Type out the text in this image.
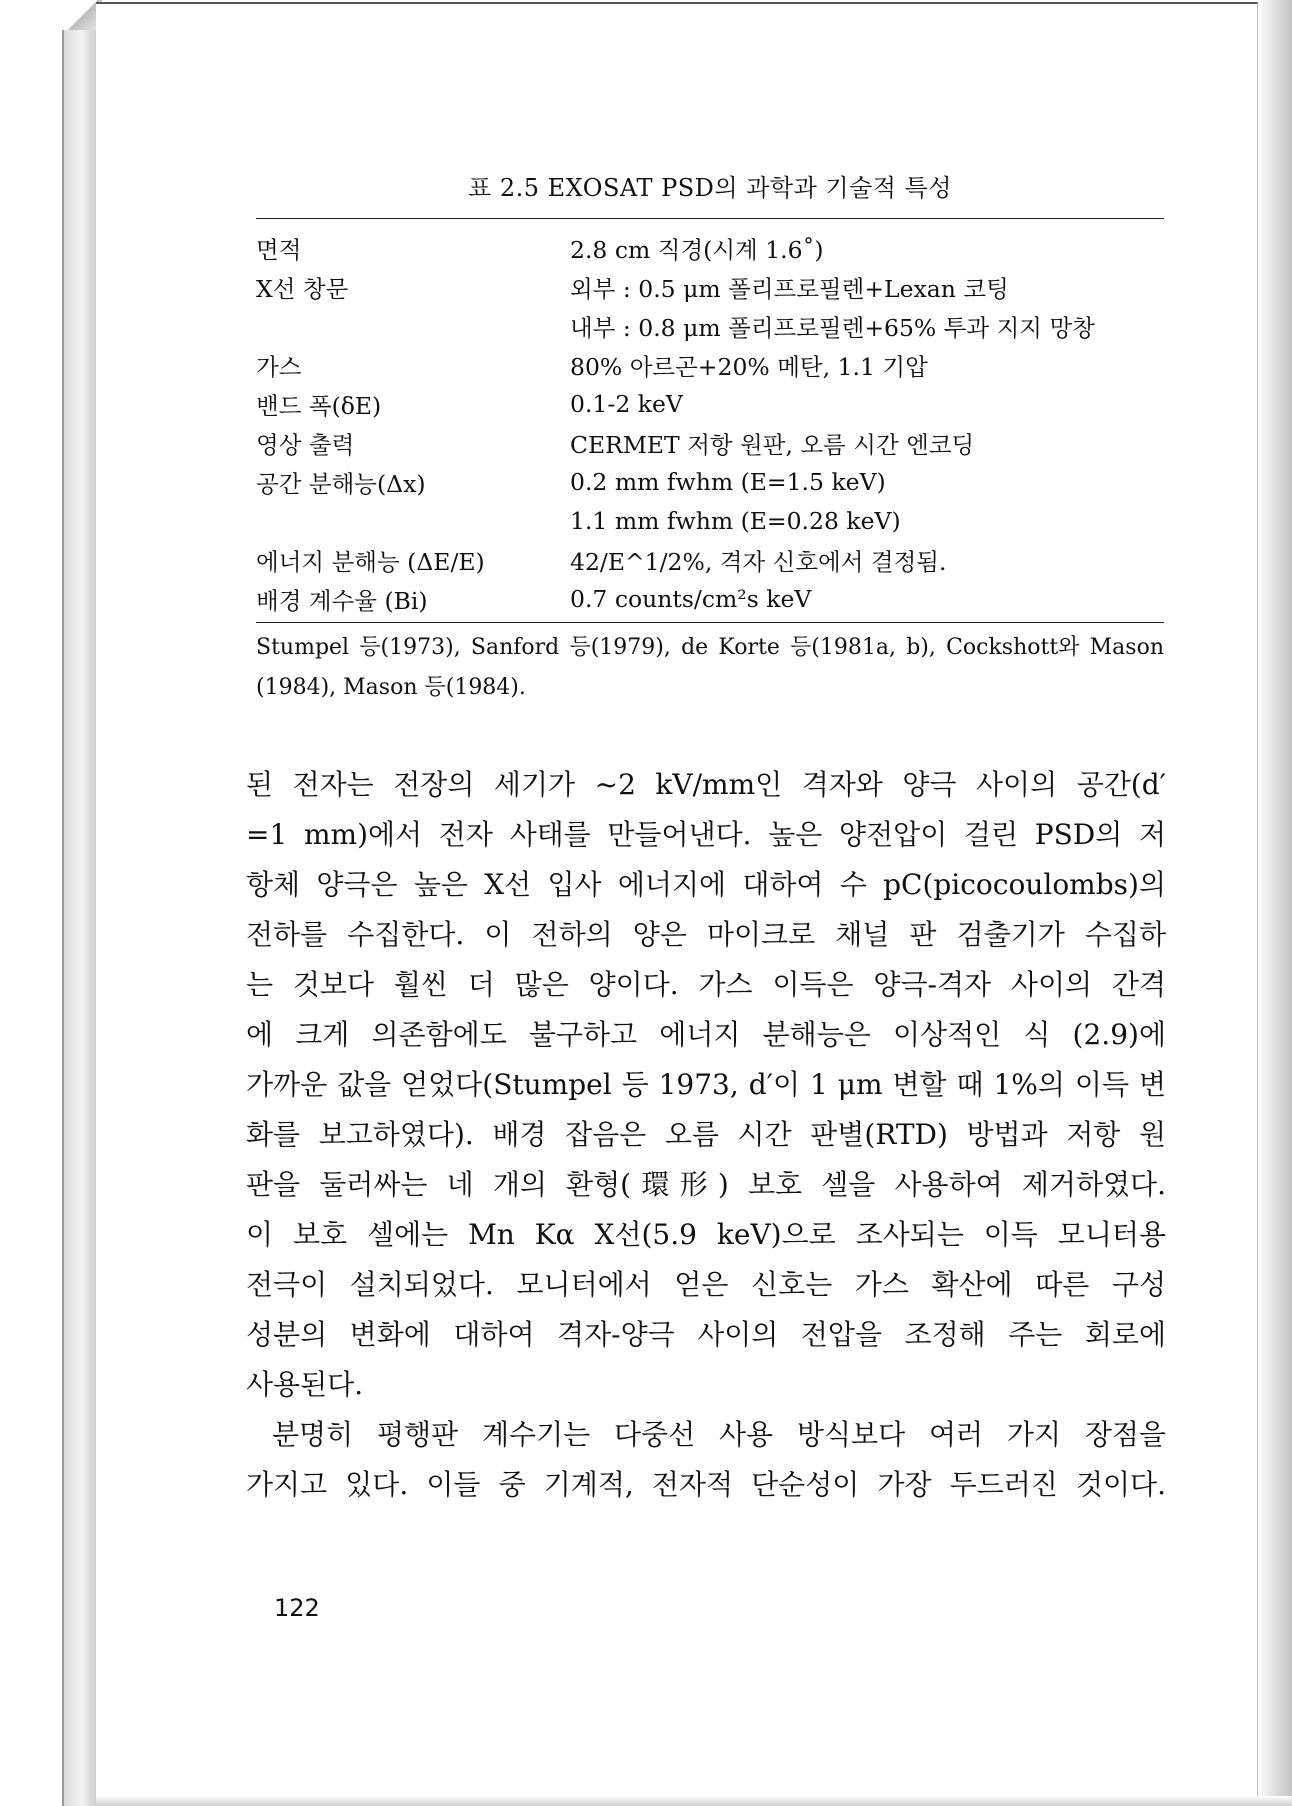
표 2.5 EXOSAT PSD의 과학과 기술적 특성
면적	2.8 cm 직경(시계 1.6˚)
X선 창문	외부 : 0.5 μm 폴리프로필렌+Lexan 코팅
내부 : 0.8 μm 폴리프로필렌+65% 투과 지지 망창
가스	80% 아르곤+20% 메탄, 1.1 기압
밴드 폭(δE)	0.1-2 keV
영상 출력	CERMET 저항 원판, 오름 시간 엔코딩
공간 분해능(Δx)	0.2 mm fwhm (E=1.5 keV)
1.1 mm fwhm (E=0.28 keV)
에너지 분해능 (ΔE/E)	42/E^1/2%, 격자 신호에서 결정됨.
배경 계수율 (Bi)	0.7 counts/cm²s keV
Stumpel 등(1973), Sanford 등(1979), de Korte 등(1981a, b), Cockshott와 Mason (1984), Mason 등(1984).
된 전자는 전장의 세기가 ~2 kV/mm인 격자와 양극 사이의 공간(d′
=1 mm)에서 전자 사태를 만들어낸다. 높은 양전압이 걸린 PSD의 저
항체 양극은 높은 X선 입사 에너지에 대하여 수 pC(picocoulombs)의
전하를 수집한다. 이 전하의 양은 마이크로 채널 판 검출기가 수집하
는 것보다 훨씬 더 많은 양이다. 가스 이득은 양극-격자 사이의 간격
에 크게 의존함에도 불구하고 에너지 분해능은 이상적인 식 (2.9)에
가까운 값을 얻었다(Stumpel 등 1973, d′이 1 μm 변할 때 1%의 이득 변
화를 보고하였다). 배경 잡음은 오름 시간 판별(RTD) 방법과 저항 원
판을 둘러싸는 네 개의 환형(環形) 보호 셀을 사용하여 제거하였다.
이 보호 셀에는 Mn Kα X선(5.9 keV)으로 조사되는 이득 모니터용
전극이 설치되었다. 모니터에서 얻은 신호는 가스 확산에 따른 구성
성분의 변화에 대하여 격자-양극 사이의 전압을 조정해 주는 회로에
사용된다.
분명히 평행판 계수기는 다중선 사용 방식보다 여러 가지 장점을
가지고 있다. 이들 중 기계적, 전자적 단순성이 가장 두드러진 것이다.
122
